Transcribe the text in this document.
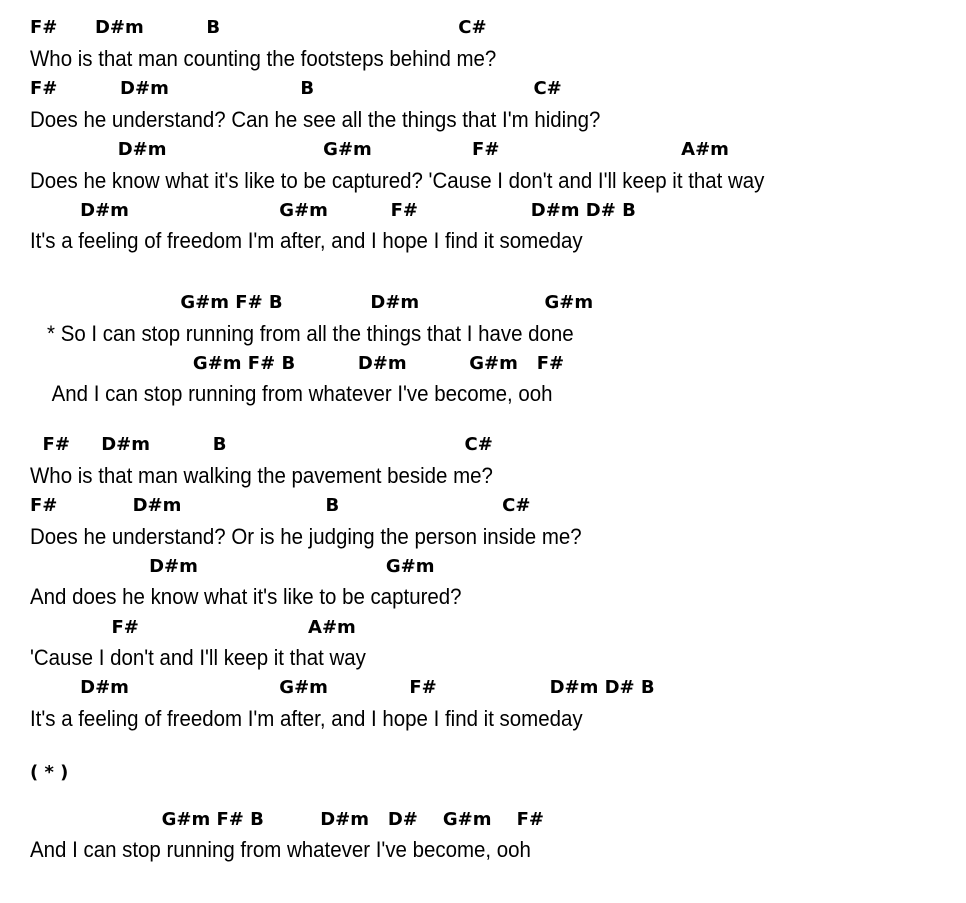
F#      D#m          B                                      C#
Who is that man counting the footsteps behind me?
F#          D#m                     B                                   C#
Does he understand? Can he see all the things that I'm hiding?
D#m                         G#m                F#                             A#m
Does he know what it's like to be captured? 'Cause I don't and I'll keep it that way
D#m                        G#m          F#                  D#m D# B
It's a feeling of freedom I'm after, and I hope I find it someday
G#m F# B              D#m                    G#m
* So I can stop running from all the things that I have done
G#m F# B          D#m          G#m   F#
And I can stop running from whatever I've become, ooh
F#     D#m          B                                      C#
Who is that man walking the pavement beside me?
F#            D#m                       B                          C#
Does he understand? Or is he judging the person inside me?
D#m                              G#m
And does he know what it's like to be captured?
F#                           A#m
'Cause I don't and I'll keep it that way
D#m                        G#m             F#                  D#m D# B
It's a feeling of freedom I'm after, and I hope I find it someday
( * )
G#m F# B         D#m   D#    G#m    F#
And I can stop running from whatever I've become, ooh
